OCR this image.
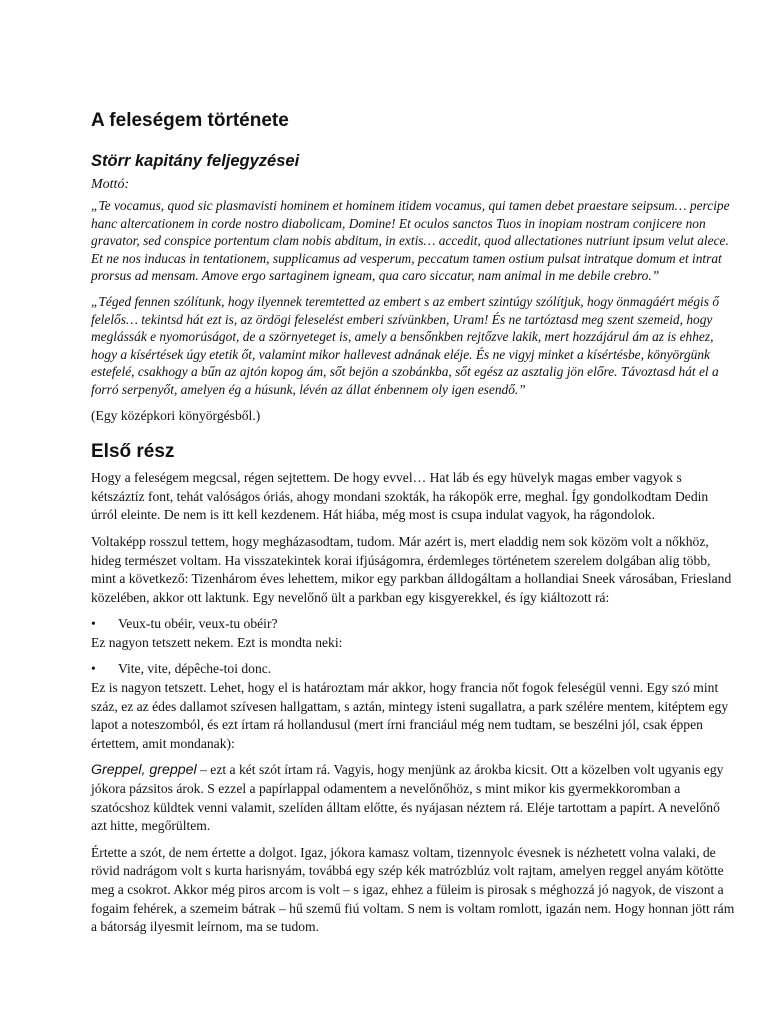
A feleségem története
Störr kapitány feljegyzései
Mottó:

„Te vocamus, quod sic plasmavisti hominem et hominem itidem vocamus, qui tamen debet praestare seipsum… percipe hanc altercationem in corde nostro diabolicam, Domine! Et oculos sanctos Tuos in inopiam nostram conjicere non gravator, sed conspice portentum clam nobis abditum, in extis… accedit, quod allectationes nutriunt ipsum velut alece. Et ne nos inducas in tentationem, supplicamus ad vesperum, peccatum tamen ostium pulsat intratque domum et intrat prorsus ad mensam. Amove ergo sartaginem igneam, qua caro siccatur, nam animal in me debile crebro.”

„Téged fennen szólítunk, hogy ilyennek teremtetted az embert s az embert szintúgy szólítjuk, hogy önmagáért mégis ő felelős… tekintsd hát ezt is, az ördögi feleselést emberi szívünkben, Uram! És ne tartóztasd meg szent szemeid, hogy meglássák e nyomorúságot, de a szörnyeteget is, amely a bensőnkben rejtőzve lakik, mert hozzájárul ám az is ehhez, hogy a kísértések úgy etetik őt, valamint mikor hallevest adnának eléje. És ne vigyj minket a kísértésbe, könyörgünk estefelé, csakhogy a bűn az ajtón kopog ám, sőt bejön a szobánkba, sőt egész az asztalig jön előre. Távoztasd hát el a forró serpenyőt, amelyen ég a húsunk, lévén az állat énbennem oly igen esendő.”

(Egy középkori könyörgésből.)

Első rész

Hogy a feleségem megcsal, régen sejtettem. De hogy evvel… Hat láb és egy hüvelyk magas ember vagyok s kétszáztíz font, tehát valóságos óriás, ahogy mondani szokták, ha rákopök erre, meghal. Így gondolkodtam Dedin úrról eleinte. De nem is itt kell kezdenem. Hát hiába, még most is csupa indulat vagyok, ha rágondolok.

Voltaképp rosszul tettem, hogy megházasodtam, tudom. Már azért is, mert eladdig nem sok közöm volt a nőkhöz, hideg természet voltam. Ha visszatekintek korai ifjúságomra, érdemleges történetem szerelem dolgában alig több, mint a következő: Tizenhárom éves lehettem, mikor egy parkban álldogáltam a hollandiai Sneek városában, Friesland közelében, akkor ott laktunk. Egy nevelőnő ült a parkban egy kisgyerekkel, és így kiáltozott rá:

• Veux-tu obéir, veux-tu obéir?

Ez nagyon tetszett nekem. Ezt is mondta neki:

• Vite, vite, dépêche-toi donc.

Ez is nagyon tetszett. Lehet, hogy el is határoztam már akkor, hogy francia nőt fogok feleségül venni. Egy szó mint száz, ez az édes dallamot szívesen hallgattam, s aztán, mintegy isteni sugallatra, a park szélére mentem, kitéptem egy lapot a noteszomból, és ezt írtam rá hollandusul (mert írni franciául még nem tudtam, se beszélni jól, csak éppen értettem, amit mondanak):

Greppel, greppel – ezt a két szót írtam rá. Vagyis, hogy menjünk az árokba kicsit. Ott a közelben volt ugyanis egy jókora pázsitos árok. S ezzel a papírlappal odamentem a nevelőnőhöz, s mint mikor kis gyermekkoromban a szatócshoz küldtek venni valamit, szelíden álltam előtte, és nyájasan néztem rá. Eléje tartottam a papírt. A nevelőnő azt hitte, megőrültem.

Értette a szót, de nem értette a dolgot. Igaz, jókora kamasz voltam, tizennyolc évesnek is nézhetett volna valaki, de rövid nadrágom volt s kurta harisnyám, továbbá egy szép kék matrózblúz volt rajtam, amelyen reggel anyám kötötte meg a csokrot. Akkor még piros arcom is volt – s igaz, ehhez a füleim is pirosak s méghozzá jó nagyok, de viszont a fogaim fehérek, a szemeim bátrak – hű szemű fiú voltam. S nem is voltam romlott, igazán nem. Hogy honnan jött rám a bátorság ilyesmit leírnom, ma se tudom.
